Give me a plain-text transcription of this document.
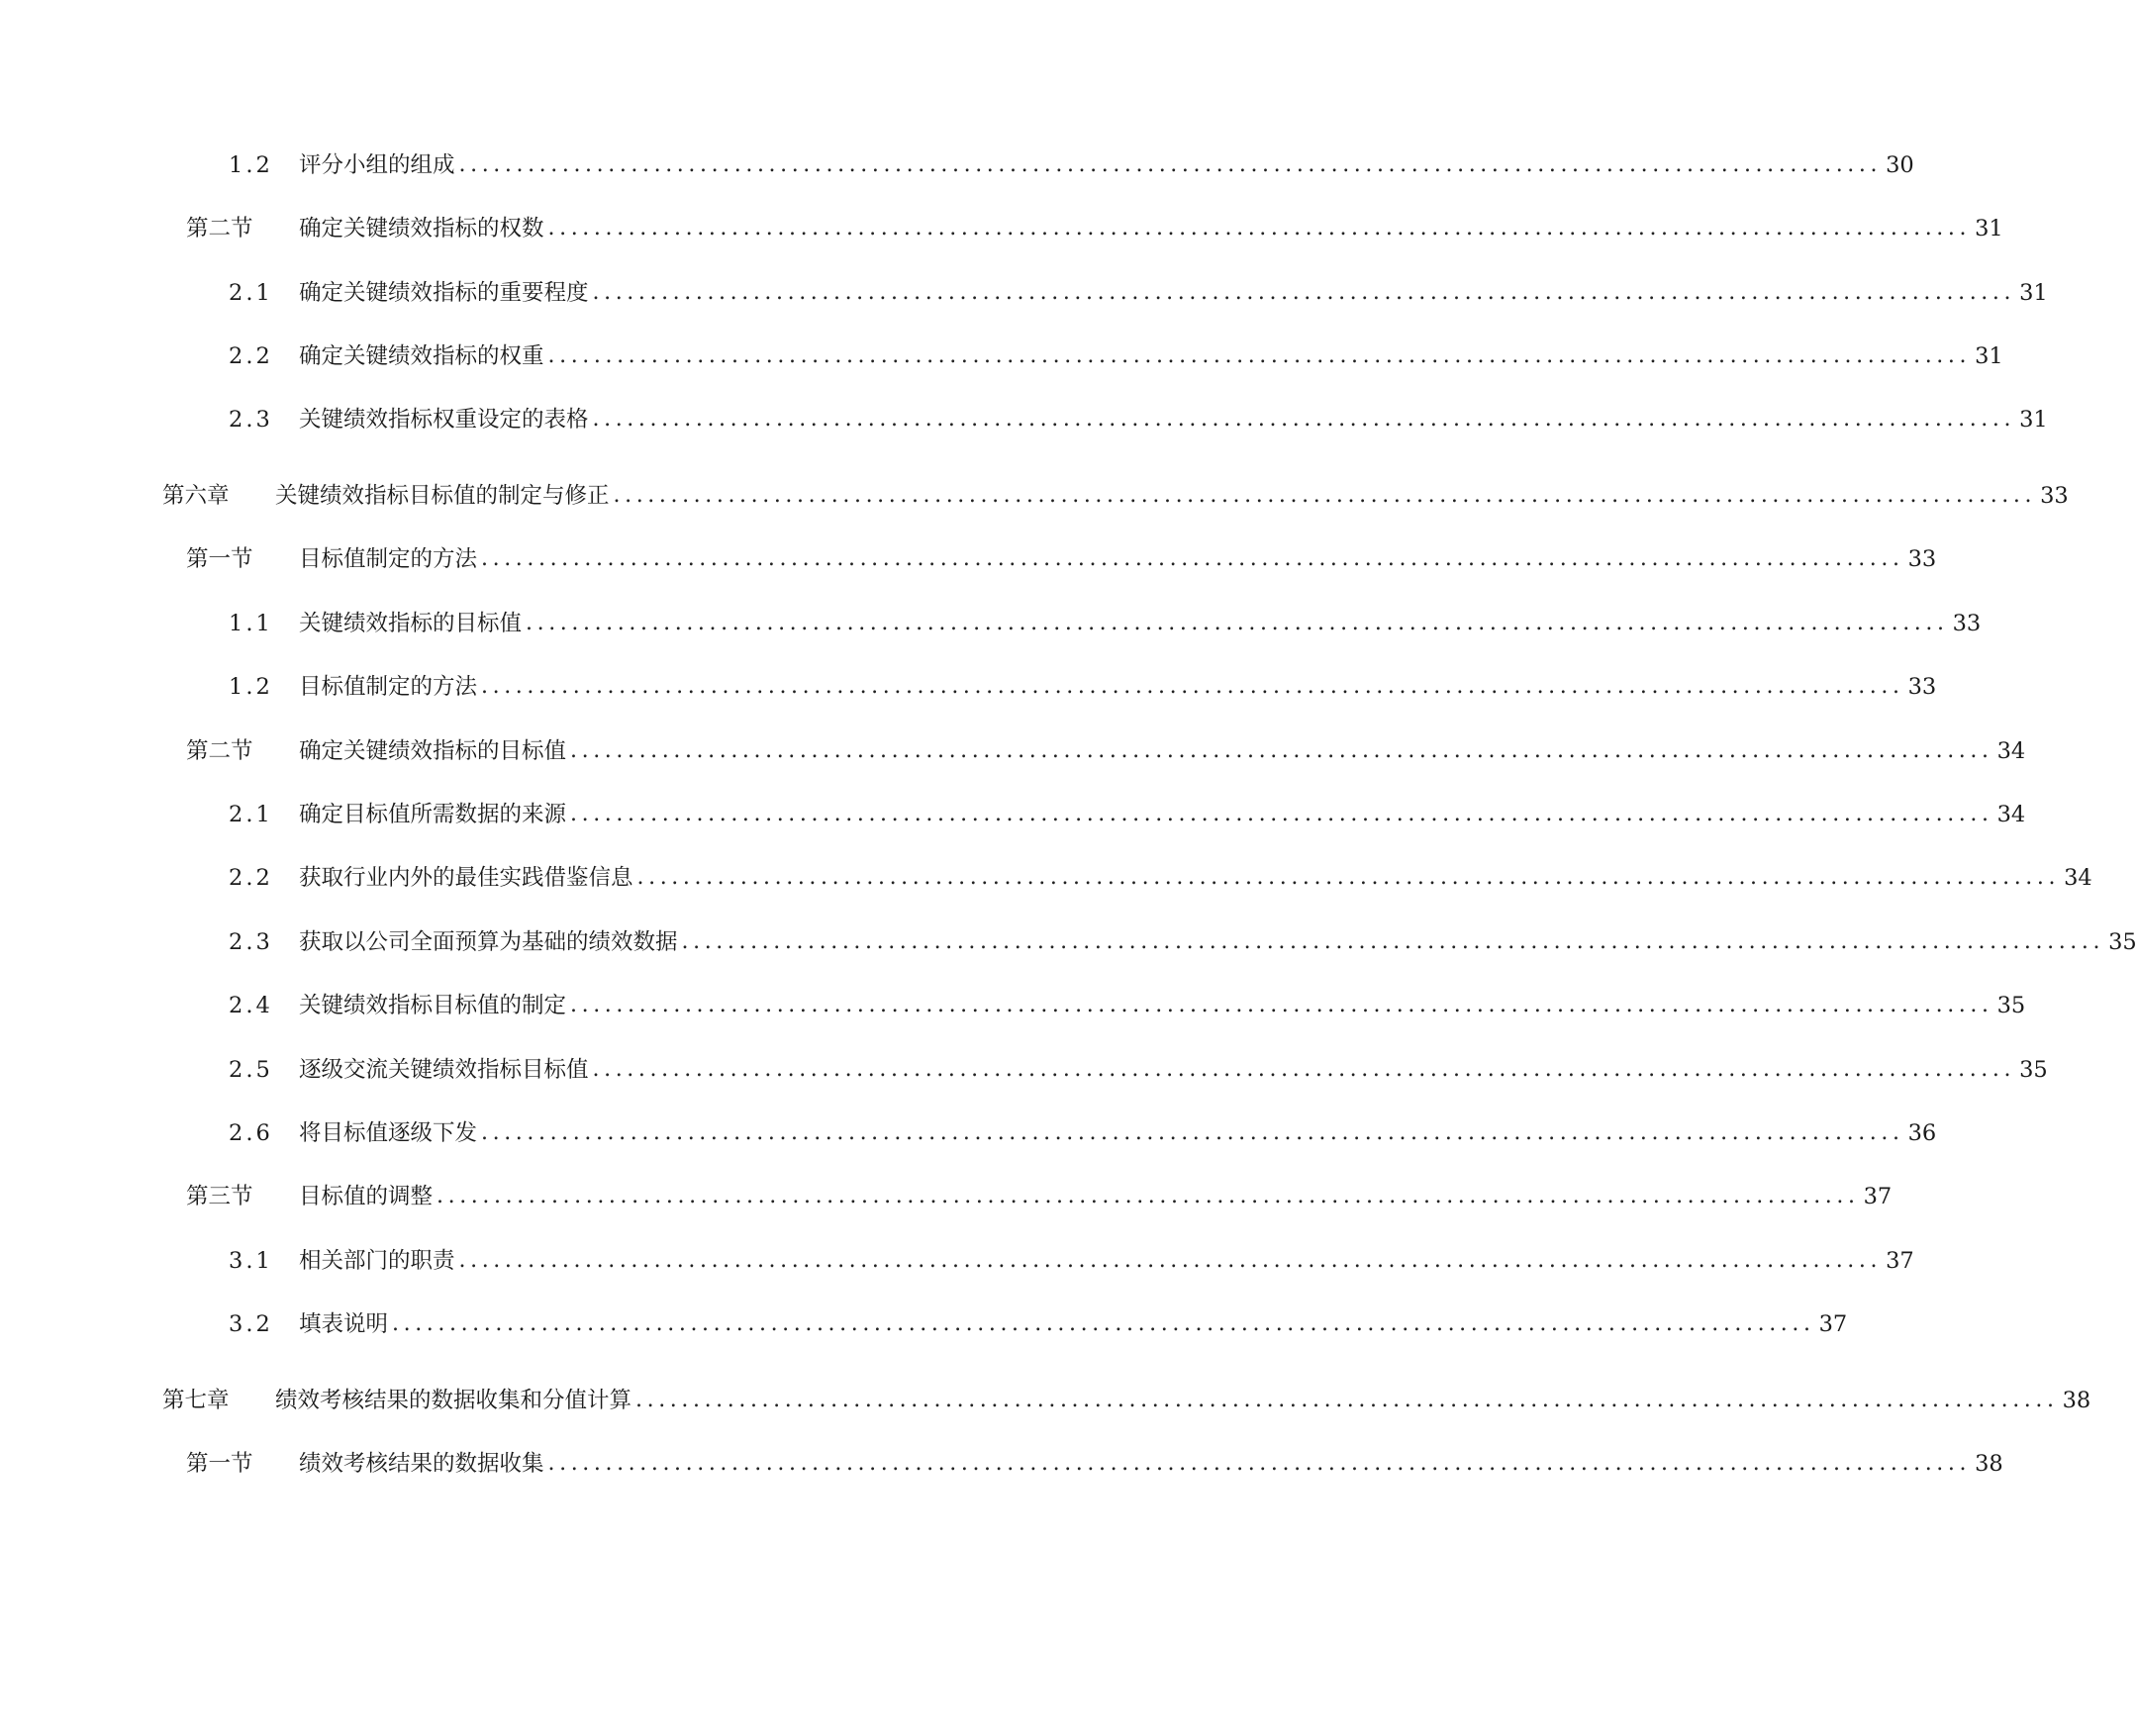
1.2	评分小组的组成 ............................................................................................................................ 30
第二节	确定关键绩效指标的权数 ............................................................................................................................ 31
2.1	确定关键绩效指标的重要程度 ............................................................................................................................ 31
2.2	确定关键绩效指标的权重 ............................................................................................................................ 31
2.3	关键绩效指标权重设定的表格 ............................................................................................................................ 31
第六章	关键绩效指标目标值的制定与修正 ............................................................................................................................ 33
第一节	目标值制定的方法 ............................................................................................................................ 33
1.1	关键绩效指标的目标值 ............................................................................................................................ 33
1.2	目标值制定的方法 ............................................................................................................................ 33
第二节	确定关键绩效指标的目标值 ............................................................................................................................ 34
2.1	确定目标值所需数据的来源 ............................................................................................................................ 34
2.2	获取行业内外的最佳实践借鉴信息 ............................................................................................................................ 34
2.3	获取以公司全面预算为基础的绩效数据 ............................................................................................................................ 35
2.4	关键绩效指标目标值的制定 ............................................................................................................................ 35
2.5	逐级交流关键绩效指标目标值 ............................................................................................................................ 35
2.6	将目标值逐级下发 ............................................................................................................................ 36
第三节	目标值的调整 ............................................................................................................................ 37
3.1	相关部门的职责 ............................................................................................................................ 37
3.2	填表说明 ............................................................................................................................ 37
第七章	绩效考核结果的数据收集和分值计算 ............................................................................................................................ 38
第一节	绩效考核结果的数据收集 ............................................................................................................................ 38
